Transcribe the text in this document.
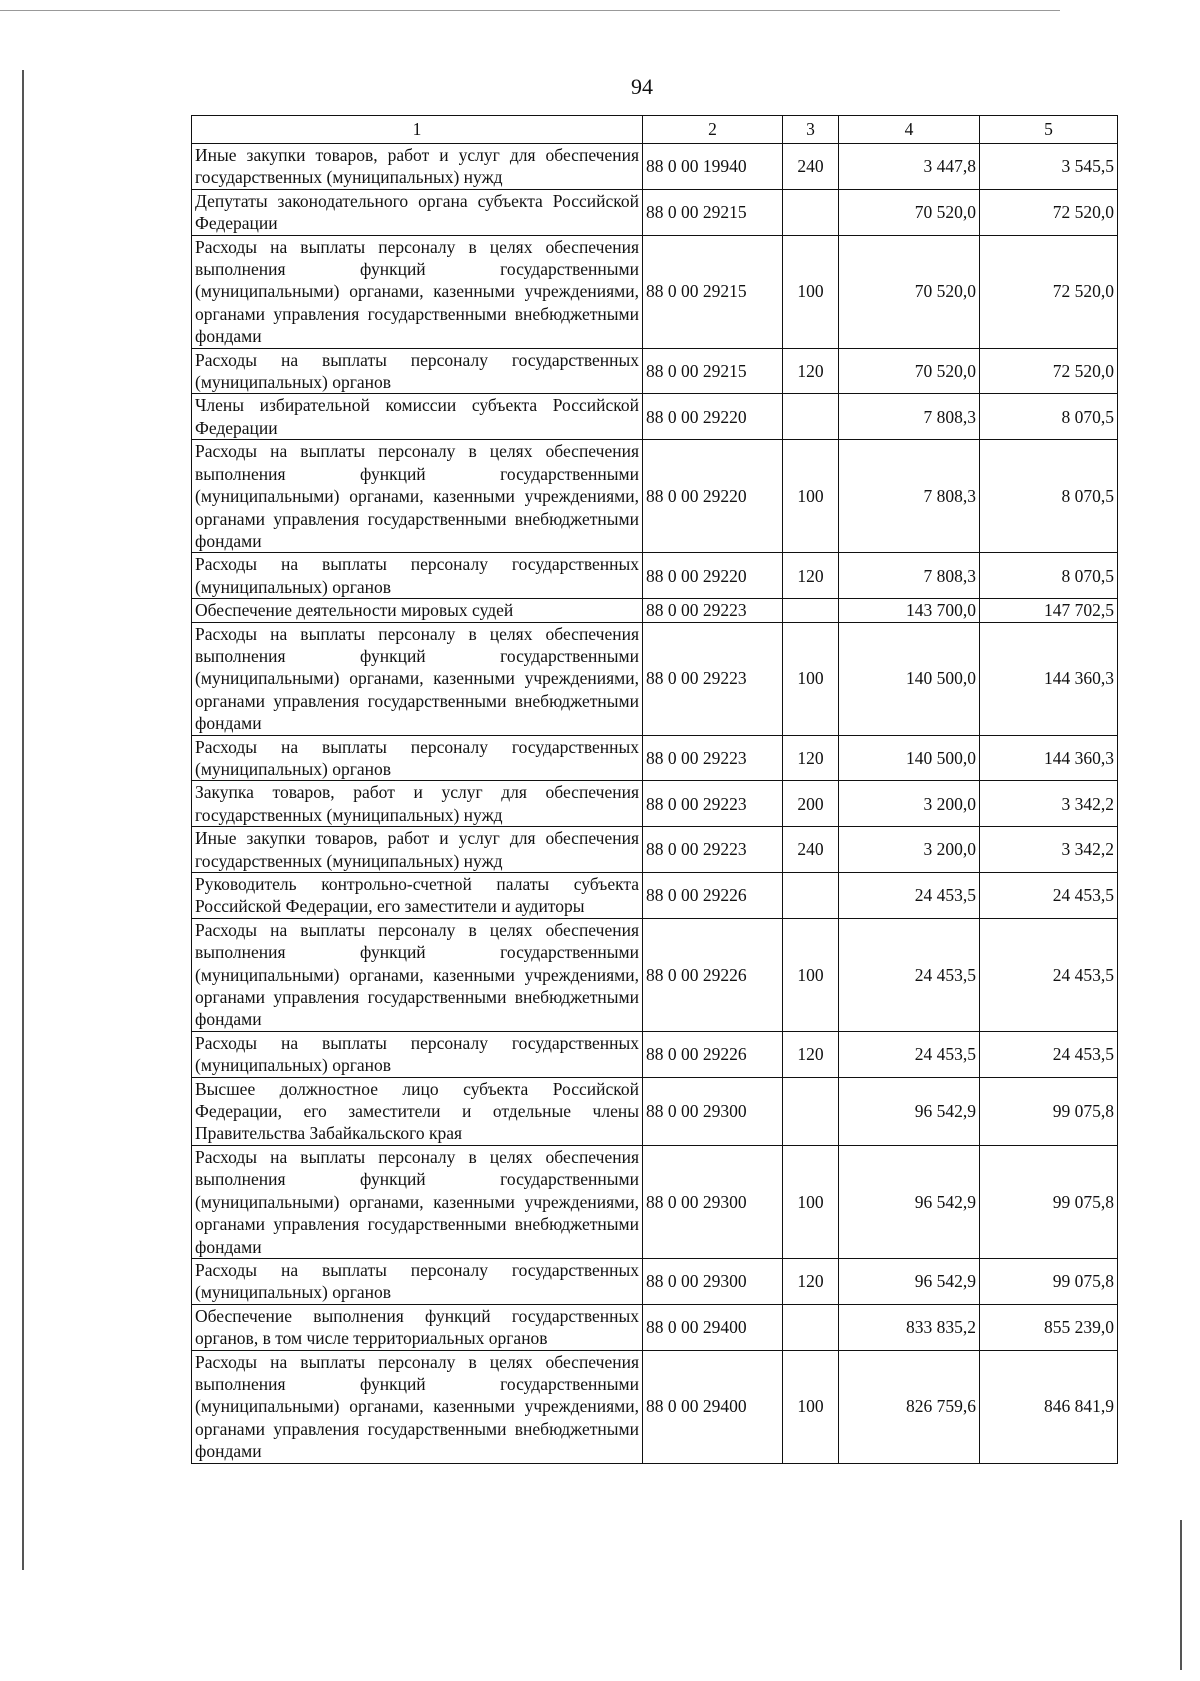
94
1	2	3	4	5
Иные закупки товаров, работ и услуг для обеспечения государственных (муниципальных) нужд	88 0 00 19940	240	3 447,8	3 545,5
Депутаты законодательного органа субъекта Российской Федерации	88 0 00 29215		70 520,0	72 520,0
Расходы на выплаты персоналу в целях обеспечения выполнения функций государственными (муниципальными) органами, казенными учреждениями, органами управления государственными внебюджетными фондами	88 0 00 29215	100	70 520,0	72 520,0
Расходы на выплаты персоналу государственных (муниципальных) органов	88 0 00 29215	120	70 520,0	72 520,0
Члены избирательной комиссии субъекта Российской Федерации	88 0 00 29220		7 808,3	8 070,5
Расходы на выплаты персоналу в целях обеспечения выполнения функций государственными (муниципальными) органами, казенными учреждениями, органами управления государственными внебюджетными фондами	88 0 00 29220	100	7 808,3	8 070,5
Расходы на выплаты персоналу государственных (муниципальных) органов	88 0 00 29220	120	7 808,3	8 070,5
Обеспечение деятельности мировых судей	88 0 00 29223		143 700,0	147 702,5
Расходы на выплаты персоналу в целях обеспечения выполнения функций государственными (муниципальными) органами, казенными учреждениями, органами управления государственными внебюджетными фондами	88 0 00 29223	100	140 500,0	144 360,3
Расходы на выплаты персоналу государственных (муниципальных) органов	88 0 00 29223	120	140 500,0	144 360,3
Закупка товаров, работ и услуг для обеспечения государственных (муниципальных) нужд	88 0 00 29223	200	3 200,0	3 342,2
Иные закупки товаров, работ и услуг для обеспечения государственных (муниципальных) нужд	88 0 00 29223	240	3 200,0	3 342,2
Руководитель контрольно-счетной палаты субъекта Российской Федерации, его заместители и аудиторы	88 0 00 29226		24 453,5	24 453,5
Расходы на выплаты персоналу в целях обеспечения выполнения функций государственными (муниципальными) органами, казенными учреждениями, органами управления государственными внебюджетными фондами	88 0 00 29226	100	24 453,5	24 453,5
Расходы на выплаты персоналу государственных (муниципальных) органов	88 0 00 29226	120	24 453,5	24 453,5
Высшее должностное лицо субъекта Российской Федерации, его заместители и отдельные члены Правительства Забайкальского края	88 0 00 29300		96 542,9	99 075,8
Расходы на выплаты персоналу в целях обеспечения выполнения функций государственными (муниципальными) органами, казенными учреждениями, органами управления государственными внебюджетными фондами	88 0 00 29300	100	96 542,9	99 075,8
Расходы на выплаты персоналу государственных (муниципальных) органов	88 0 00 29300	120	96 542,9	99 075,8
Обеспечение выполнения функций государственных органов, в том числе территориальных органов	88 0 00 29400		833 835,2	855 239,0
Расходы на выплаты персоналу в целях обеспечения выполнения функций государственными (муниципальными) органами, казенными учреждениями, органами управления государственными внебюджетными фондами	88 0 00 29400	100	826 759,6	846 841,9
